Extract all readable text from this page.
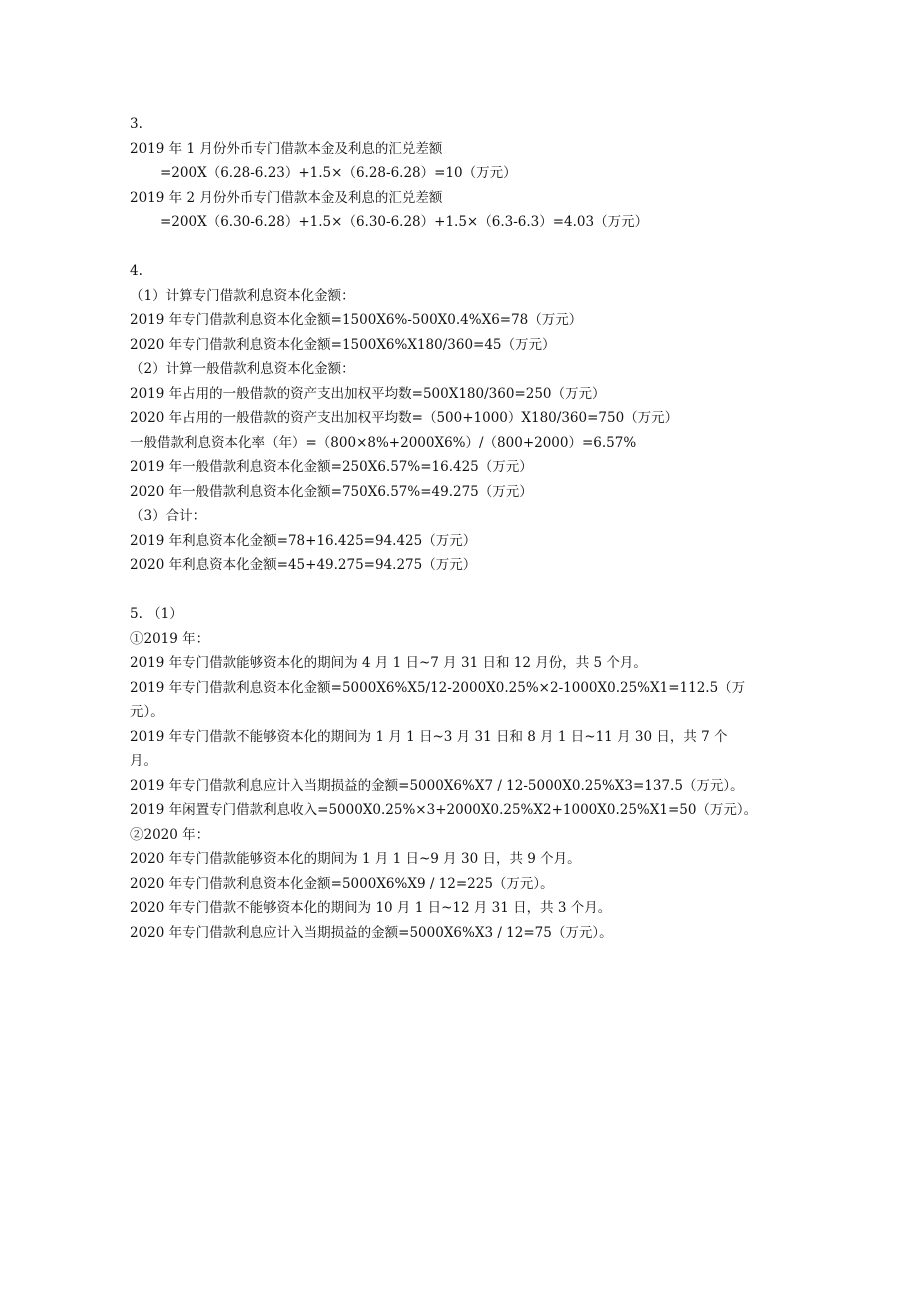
3.
2019 年 1 月份外币专门借款本金及利息的汇兑差额
=200X（6.28-6.23）+1.5×（6.28-6.28）=10（万元）
2019 年 2 月份外币专门借款本金及利息的汇兑差额
=200X（6.30-6.28）+1.5×（6.30-6.28）+1.5×（6.3-6.3）=4.03（万元）
4.
（1）计算专门借款利息资本化金额：
2019 年专门借款利息资本化金额=1500X6%-500X0.4%X6=78（万元）
2020 年专门借款利息资本化金额=1500X6%X180/360=45（万元）
（2）计算一般借款利息资本化金额：
2019 年占用的一般借款的资产支出加权平均数=500X180/360=250（万元）
2020 年占用的一般借款的资产支出加权平均数=（500+1000）X180/360=750（万元）
一般借款利息资本化率（年）=（800×8%+2000X6%）/（800+2000）=6.57%
2019 年一般借款利息资本化金额=250X6.57%=16.425（万元）
2020 年一般借款利息资本化金额=750X6.57%=49.275（万元）
（3）合计：
2019 年利息资本化金额=78+16.425=94.425（万元）
2020 年利息资本化金额=45+49.275=94.275（万元）
5. （1）
①2019 年：
2019 年专门借款能够资本化的期间为 4 月 1 日~7 月 31 日和 12 月份，共 5 个月。
2019 年专门借款利息资本化金额=5000X6%X5/12-2000X0.25%×2-1000X0.25%X1=112.5（万
元）。
2019 年专门借款不能够资本化的期间为 1 月 1 日~3 月 31 日和 8 月 1 日~11 月 30 日，共 7 个
月。
2019 年专门借款利息应计入当期损益的金额=5000X6%X7 / 12-5000X0.25%X3=137.5（万元）。
2019 年闲置专门借款利息收入=5000X0.25%×3+2000X0.25%X2+1000X0.25%X1=50（万元）。
②2020 年：
2020 年专门借款能够资本化的期间为 1 月 1 日~9 月 30 日，共 9 个月。
2020 年专门借款利息资本化金额=5000X6%X9 / 12=225（万元）。
2020 年专门借款不能够资本化的期间为 10 月 1 日~12 月 31 日，共 3 个月。
2020 年专门借款利息应计入当期损益的金额=5000X6%X3 / 12=75（万元）。
